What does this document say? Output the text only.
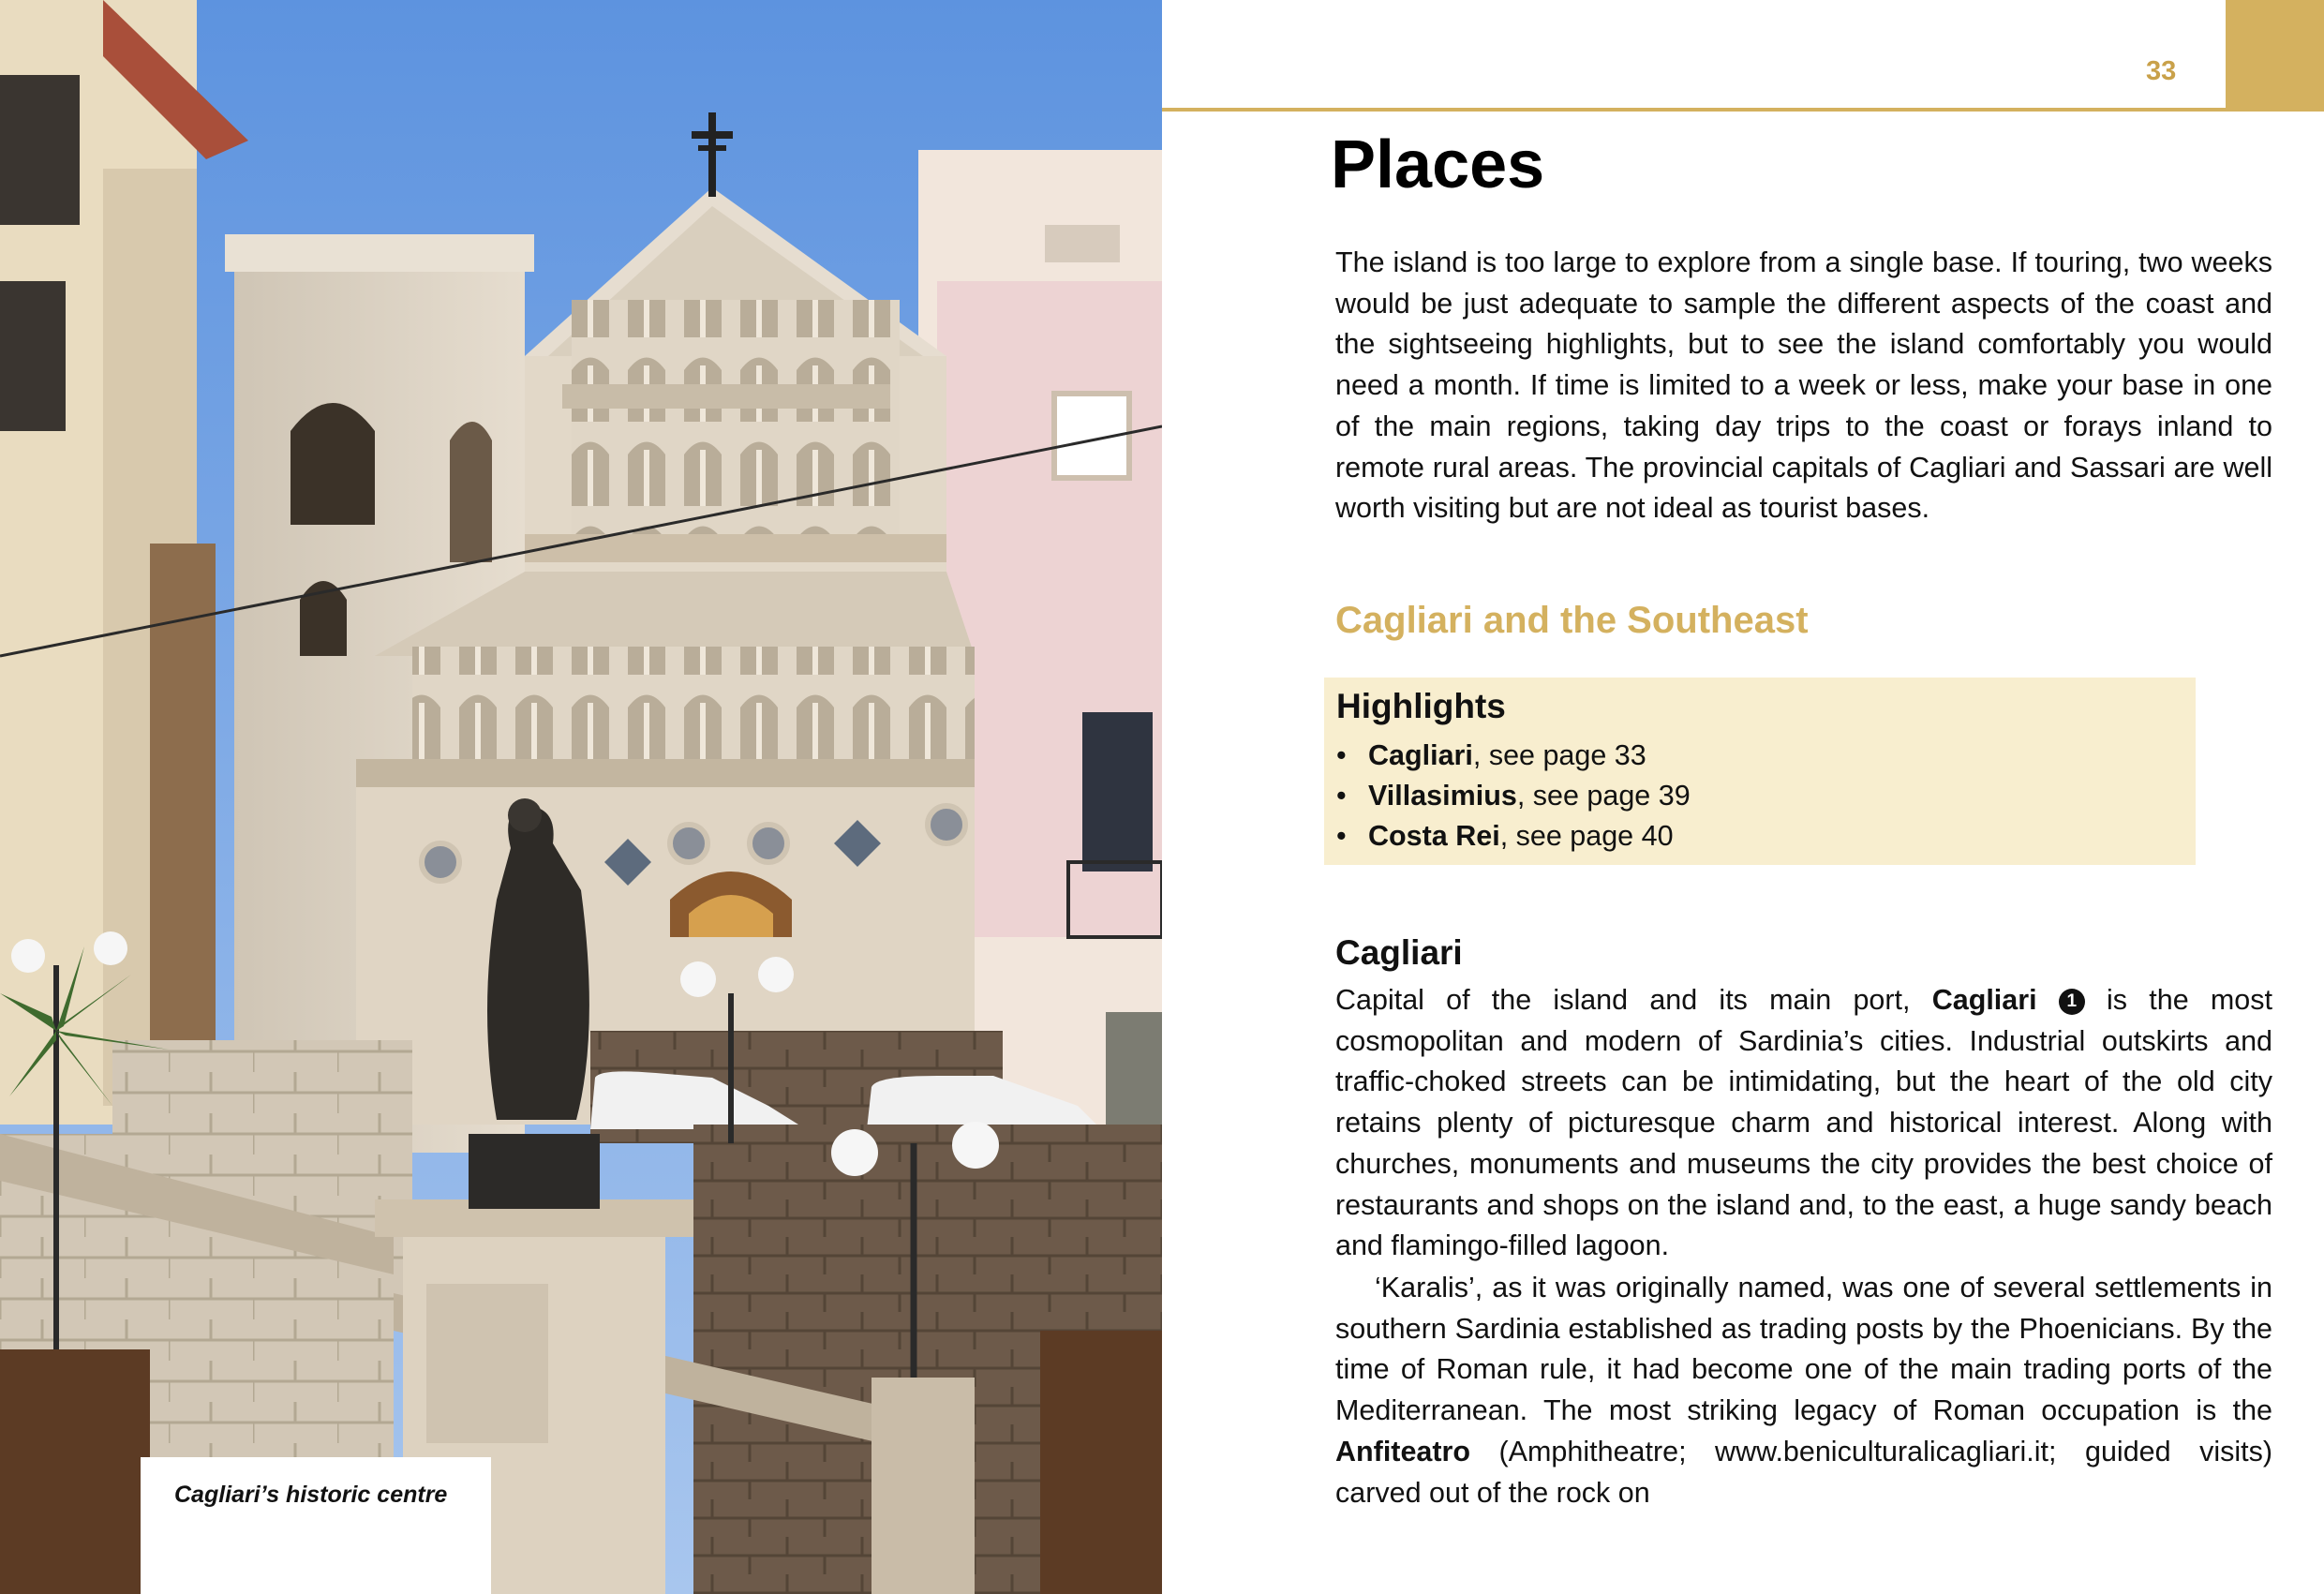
Cagliari’s historic centre
33
Places

The island is too large to explore from a single base. If touring, two weeks would be just adequate to sample the different aspects of the coast and the sightseeing highlights, but to see the island comfortably you would need a month. If time is limited to a week or less, make your base in one of the main regions, taking day trips to the coast or forays inland to remote rural areas. The provincial capitals of Cagliari and Sassari are well worth visiting but are not ideal as tourist bases.

Cagliari and the Southeast
Highlights
• Cagliari, see page 33
• Villasimius, see page 39
• Costa Rei, see page 40
Cagliari

Capital of the island and its main port, Cagliari 1 is the most cosmopolitan and modern of Sardinia’s cities. Industrial outskirts and traffic-choked streets can be intimidating, but the heart of the old city retains plenty of picturesque charm and historical interest. Along with churches, monuments and museums the city provides the best choice of restaurants and shops on the island and, to the east, a huge sandy beach and flamingo-filled lagoon.

‘Karalis’, as it was originally named, was one of several settlements in southern Sardinia established as trading posts by the Phoenicians. By the time of Roman rule, it had become one of the main trading ports of the Mediterranean. The most striking legacy of Roman occupation is the Anfiteatro (Amphitheatre; www.beniculturalicagliari.it; guided visits) carved out of the rock on
